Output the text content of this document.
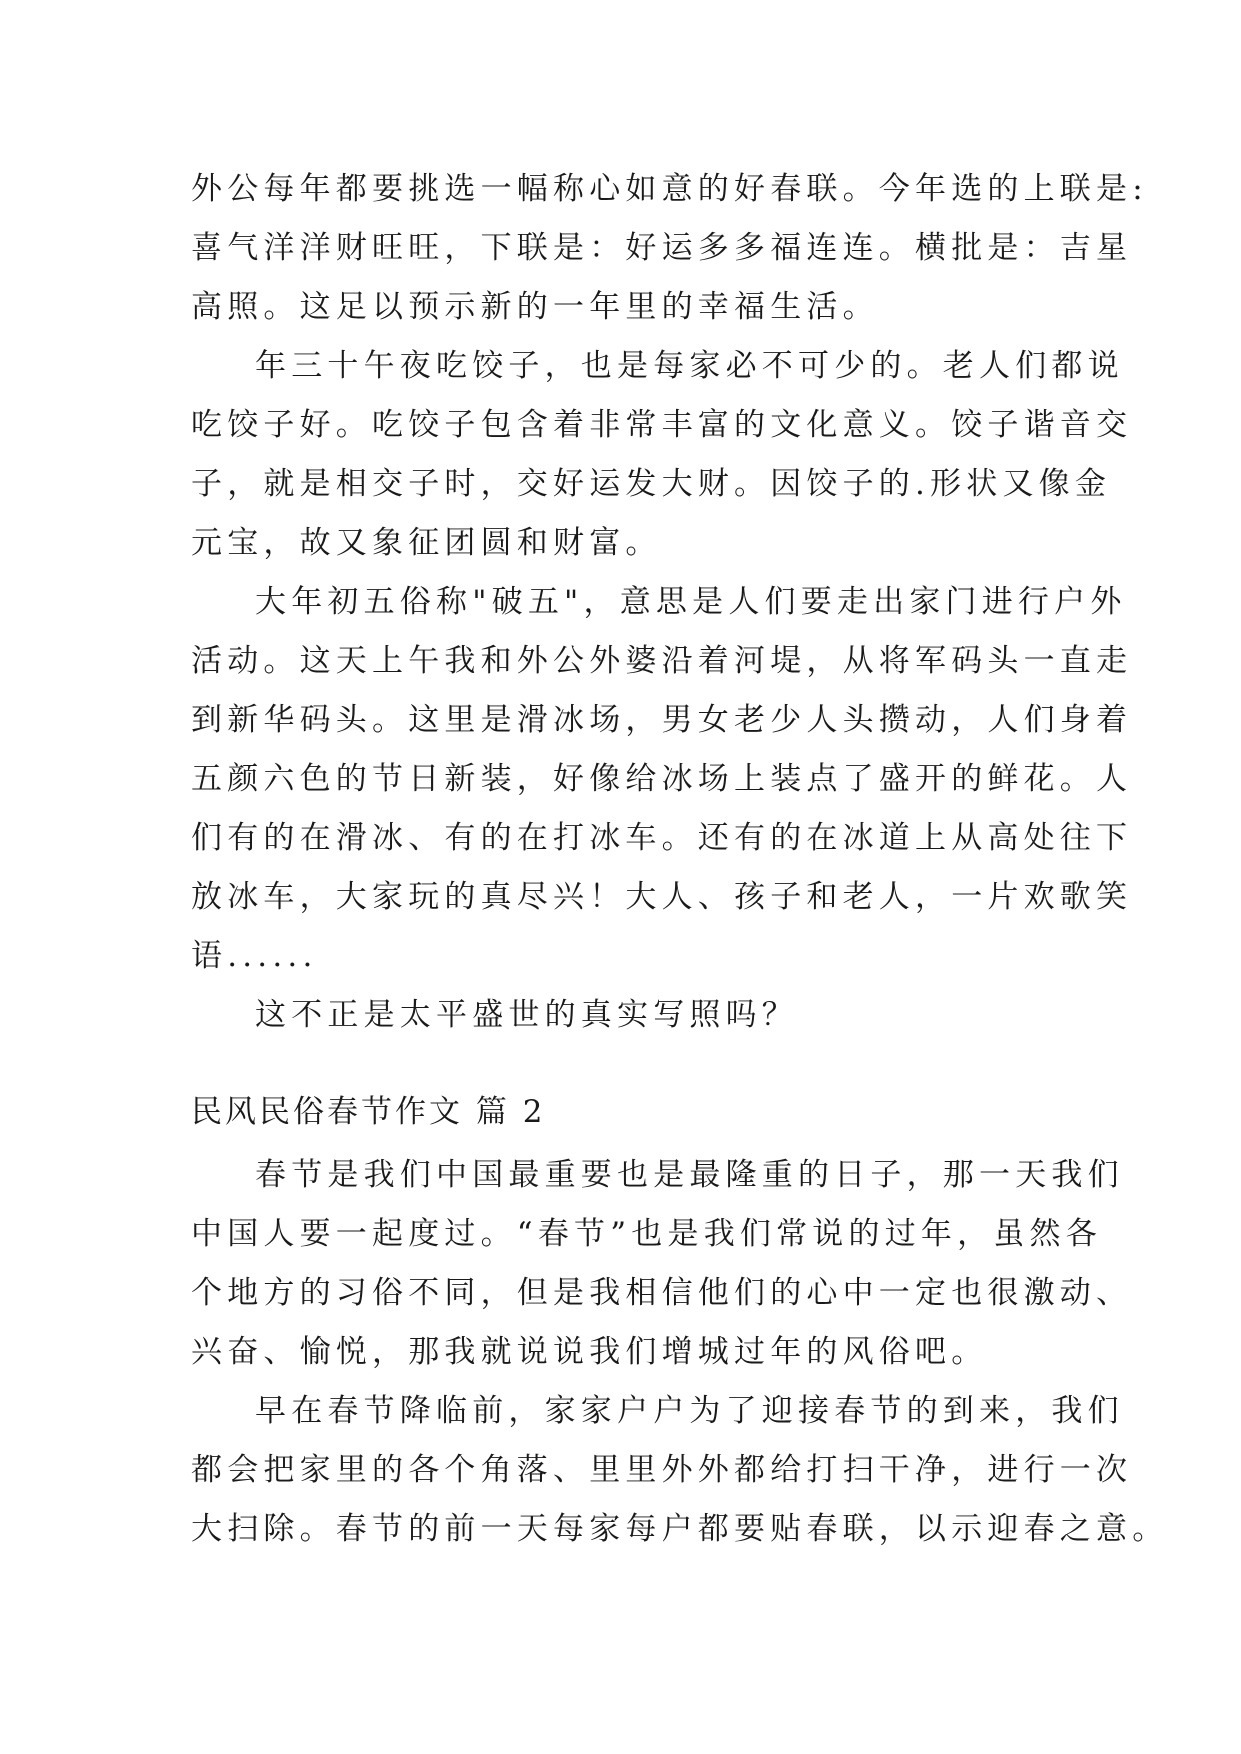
外公每年都要挑选一幅称心如意的好春联。今年选的上联是:
喜气洋洋财旺旺，下联是：好运多多福连连。横批是：吉星
高照。这足以预示新的一年里的幸福生活。
年三十午夜吃饺子，也是每家必不可少的。老人们都说
吃饺子好。吃饺子包含着非常丰富的文化意义。饺子谐音交
子，就是相交子时，交好运发大财。因饺子的.形状又像金
元宝，故又象征团圆和财富。
大年初五俗称"破五"，意思是人们要走出家门进行户外
活动。这天上午我和外公外婆沿着河堤，从将军码头一直走
到新华码头。这里是滑冰场，男女老少人头攒动，人们身着
五颜六色的节日新装，好像给冰场上装点了盛开的鲜花。人
们有的在滑冰、有的在打冰车。还有的在冰道上从高处往下
放冰车，大家玩的真尽兴！大人、孩子和老人，一片欢歌笑
语......
这不正是太平盛世的真实写照吗？
民风民俗春节作文 篇 2
春节是我们中国最重要也是最隆重的日子，那一天我们
中国人要一起度过。“春节”也是我们常说的过年，虽然各
个地方的习俗不同，但是我相信他们的心中一定也很激动、
兴奋、愉悦，那我就说说我们增城过年的风俗吧。
早在春节降临前，家家户户为了迎接春节的到来，我们
都会把家里的各个角落、里里外外都给打扫干净，进行一次
大扫除。春节的前一天每家每户都要贴春联，以示迎春之意。
